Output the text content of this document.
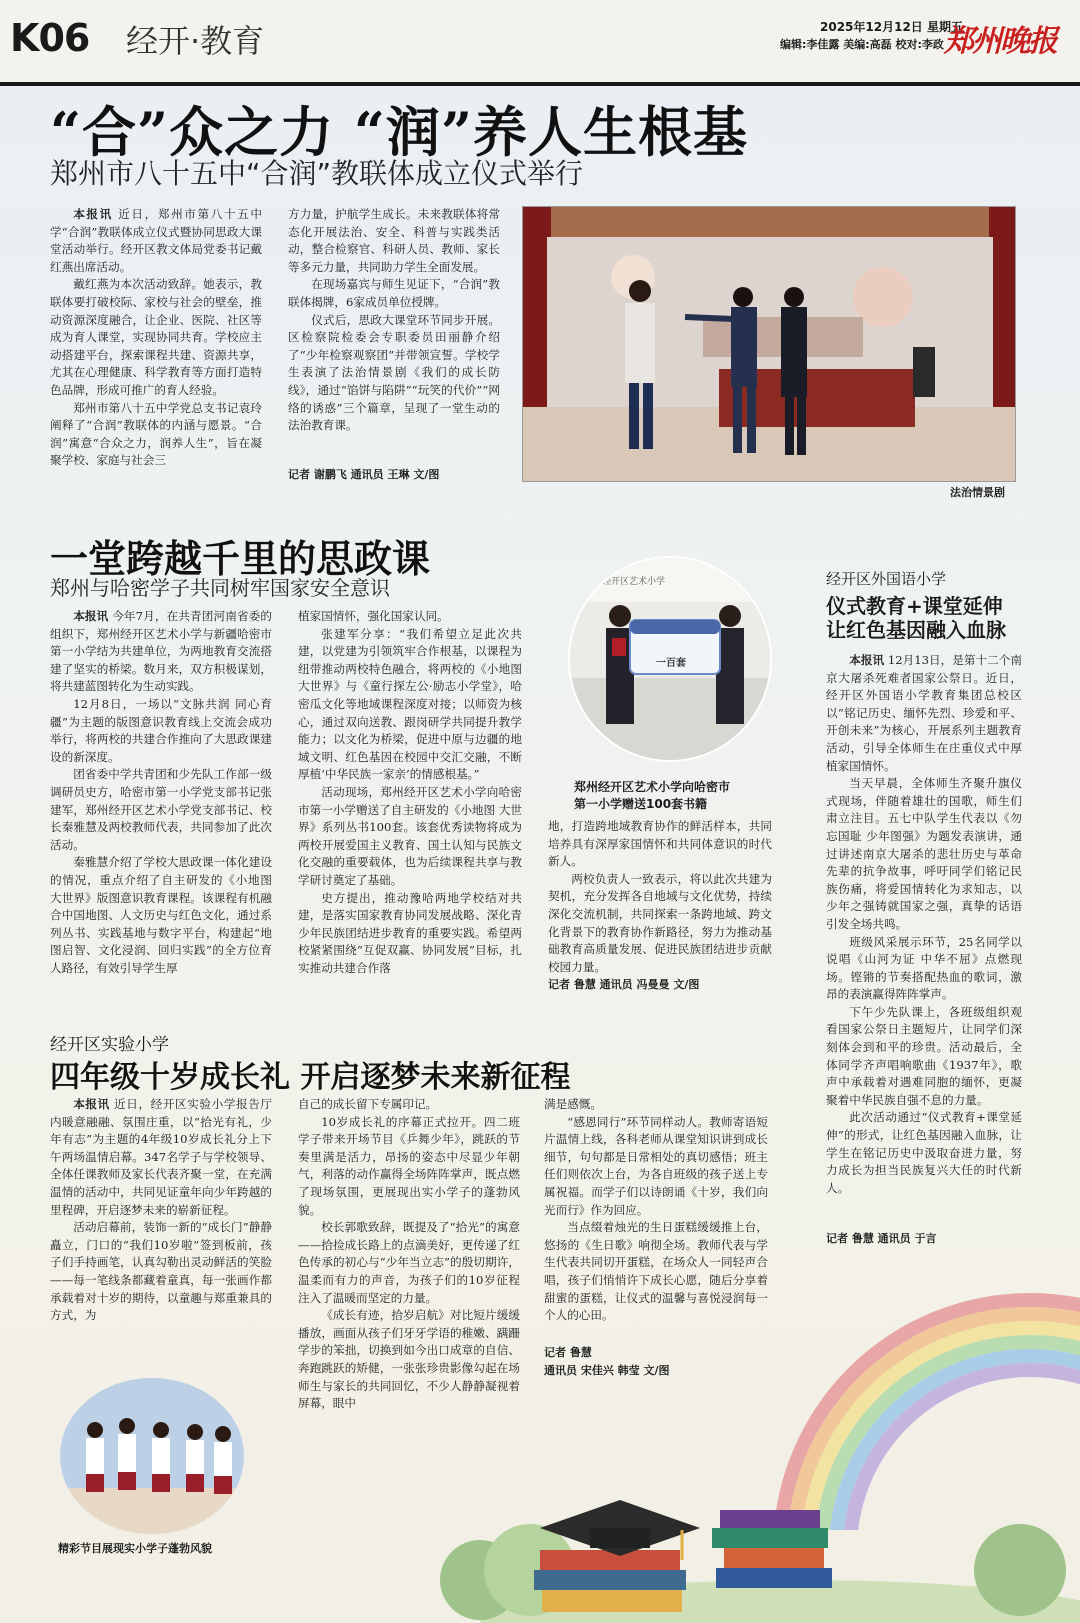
K06 经开·教育	2025年12月12日 星期五
编辑:李佳露 美编:高磊 校对:李政 郑州晚报
“合”众之力 “润”养人生根基
郑州市八十五中“合润”教联体成立仪式举行

本报讯 近日，郑州市第八十五中学“合润”教联体成立仪式暨协同思政大课堂活动举行。经开区教文体局党委书记戴红燕出席活动。

戴红燕为本次活动致辞。她表示，教联体要打破校际、家校与社会的壁垒，推动资源深度融合，让企业、医院、社区等成为育人课堂，实现协同共育。学校应主动搭建平台，探索课程共建、资源共享，尤其在心理健康、科学教育等方面打造特色品牌，形成可推广的育人经验。

郑州市第八十五中学党总支书记袁玲阐释了“合润”教联体的内涵与愿景。“合润”寓意“合众之力，润养人生”，旨在凝聚学校、家庭与社会三

方力量，护航学生成长。未来教联体将常态化开展法治、安全、科普与实践类活动，整合检察官、科研人员、教师、家长等多元力量，共同助力学生全面发展。

在现场嘉宾与师生见证下，“合润”教联体揭牌，6家成员单位授牌。

仪式后，思政大课堂环节同步开展。区检察院检委会专职委员田丽静介绍了“少年检察观察团”并带领宣誓。学校学生表演了法治情景剧《我们的成长防线》，通过“馅饼与陷阱”“玩笑的代价”“网络的诱惑”三个篇章，呈现了一堂生动的法治教育课。

记者 谢鹏飞 通讯员 王琳 文/图
法治情景剧
一堂跨越千里的思政课
郑州与哈密学子共同树牢国家安全意识

本报讯 今年7月，在共青团河南省委的组织下，郑州经开区艺术小学与新疆哈密市第一小学结为共建单位，为两地教育交流搭建了坚实的桥梁。数月来，双方积极谋划，将共建蓝图转化为生动实践。

12月8日，一场以“文脉共润 同心育疆”为主题的版图意识教育线上交流会成功举行，将两校的共建合作推向了大思政课建设的新深度。

团省委中学共青团和少先队工作部一级调研员史方，哈密市第一小学党支部书记张建军，郑州经开区艺术小学党支部书记、校长秦雅慧及两校教师代表，共同参加了此次活动。

秦雅慧介绍了学校大思政课一体化建设的情况，重点介绍了自主研发的《小地图 大世界》版图意识教育课程。该课程有机融合中国地图、人文历史与红色文化，通过系列丛书、实践基地与数字平台，构建起“地图启智、文化浸润、回归实践”的全方位育人路径，有效引导学生厚

植家国情怀，强化国家认同。

张建军分享：“我们希望立足此次共建，以党建为引领筑牢合作根基，以课程为纽带推动两校特色融合，将两校的《小地图 大世界》与《童行探左公·励志小学堂》，哈密瓜文化等地域课程深度对接；以师资为核心，通过双向送教、跟岗研学共同提升教学能力；以文化为桥梁，促进中原与边疆的地域文明、红色基因在校园中交汇交融，不断厚植‘中华民族一家亲’的情感根基。”

活动现场，郑州经开区艺术小学向哈密市第一小学赠送了自主研发的《小地图 大世界》系列丛书100套。该套优秀读物将成为两校开展爱国主义教育、国土认知与民族文化交融的重要载体，也为后续课程共享与教学研讨奠定了基础。

史方提出，推动豫哈两地学校结对共建，是落实国家教育协同发展战略、深化青少年民族团结进步教育的重要实践。希望两校紧紧围绕“互促双赢、协同发展”目标，扎实推动共建合作落

地，打造跨地域教育协作的鲜活样本，共同培养具有深厚家国情怀和共同体意识的时代新人。

两校负责人一致表示，将以此次共建为契机，充分发挥各自地域与文化优势，持续深化交流机制，共同探索一条跨地域、跨文化背景下的教育协作新路径，努力为推动基础教育高质量发展、促进民族团结进步贡献校园力量。

记者 鲁慧 通讯员 冯曼曼 文/图
郑州经开区艺术小学
一百套
郑州经开区艺术小学向哈密市
第一小学赠送100套书籍
经开区外国语小学
仪式教育+课堂延伸
让红色基因融入血脉

本报讯 12月13日，是第十二个南京大屠杀死难者国家公祭日。近日，经开区外国语小学教育集团总校区以“铭记历史、缅怀先烈、珍爱和平、开创未来”为核心，开展系列主题教育活动，引导全体师生在庄重仪式中厚植家国情怀。

当天早晨，全体师生齐聚升旗仪式现场，伴随着雄壮的国歌，师生们肃立注目。五七中队学生代表以《勿忘国耻 少年图强》为题发表演讲，通过讲述南京大屠杀的悲壮历史与革命先辈的抗争故事，呼吁同学们铭记民族伤痛，将爱国情转化为求知志，以少年之强铸就国家之强，真挚的话语引发全场共鸣。

班级风采展示环节，25名同学以说唱《山河为证 中华不屈》点燃现场。铿锵的节奏搭配热血的歌词，激昂的表演赢得阵阵掌声。

下午少先队课上，各班级组织观看国家公祭日主题短片，让同学们深刻体会到和平的珍贵。活动最后，全体同学齐声唱响歌曲《1937年》，歌声中承载着对遇难同胞的缅怀，更凝聚着中华民族自强不息的力量。

此次活动通过“仪式教育+课堂延伸”的形式，让红色基因融入血脉，让学生在铭记历史中汲取奋进力量，努力成长为担当民族复兴大任的时代新人。

记者 鲁慧 通讯员 于言
经开区实验小学
四年级十岁成长礼 开启逐梦未来新征程

本报讯 近日，经开区实验小学报告厅内暖意融融、氛围庄重，以“拾光有礼，少年有志”为主题的4年级10岁成长礼分上下午两场温情启幕。347名学子与学校领导、全体任课教师及家长代表齐聚一堂，在充满温情的活动中，共同见证童年向少年跨越的里程碑，开启逐梦未来的崭新征程。

活动启幕前，装饰一新的“成长门”静静矗立，门口的“我们10岁啦”签到板前，孩子们手持画笔，认真勾勒出灵动鲜活的笑脸——每一笔线条都藏着童真，每一张画作都承载着对十岁的期待，以童趣与郑重兼具的方式，为

自己的成长留下专属印记。

10岁成长礼的序幕正式拉开。四二班学子带来开场节目《乒舞少年》，跳跃的节奏里满是活力，昂扬的姿态中尽显少年朝气，利落的动作赢得全场阵阵掌声，既点燃了现场氛围，更展现出实小学子的蓬勃风貌。

校长郭歌致辞，既提及了“拾光”的寓意——拾捡成长路上的点滴美好，更传递了红色传承的初心与“少年当立志”的殷切期许，温柔而有力的声音，为孩子们的10岁征程注入了温暖而坚定的力量。

《成长有迹，拾岁启航》对比短片缓缓播放，画面从孩子们牙牙学语的稚嫩、蹒跚学步的笨拙，切换到如今出口成章的自信、奔跑跳跃的矫健，一张张珍贵影像勾起在场师生与家长的共同回忆，不少人静静凝视着屏幕，眼中

满是感慨。

“感恩同行”环节同样动人。教师寄语短片温情上线，各科老师从课堂知识讲到成长细节，句句都是日常相处的真切感悟；班主任们则依次上台，为各自班级的孩子送上专属祝福。而学子们以诗朗诵《十岁，我们向光而行》作为回应。

当点缀着烛光的生日蛋糕缓缓推上台，悠扬的《生日歌》响彻全场。教师代表与学生代表共同切开蛋糕，在场众人一同轻声合唱，孩子们悄悄许下成长心愿，随后分享着甜蜜的蛋糕，让仪式的温馨与喜悦浸润每一个人的心田。

记者 鲁慧
通讯员 宋佳兴 韩莹 文/图
精彩节目展现实小学子蓬勃风貌
